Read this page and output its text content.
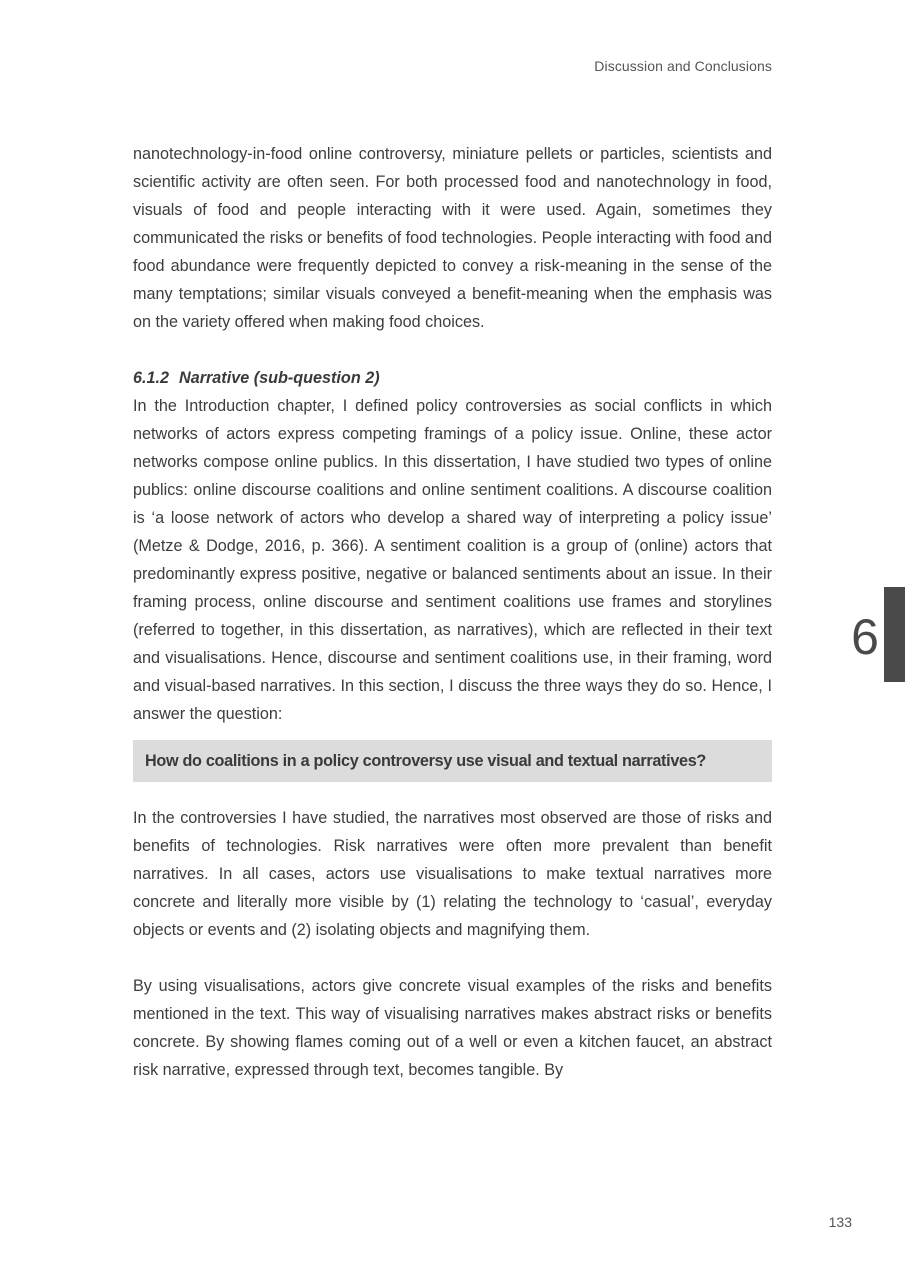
Discussion and Conclusions

nanotechnology-in-food online controversy, miniature pellets or particles, scientists and scientific activity are often seen. For both processed food and nanotechnology in food, visuals of food and people interacting with it were used. Again, sometimes they communicated the risks or benefits of food technologies. People interacting with food and food abundance were frequently depicted to convey a risk-meaning in the sense of the many temptations; similar visuals conveyed a benefit-meaning when the emphasis was on the variety offered when making food choices.

6.1.2 Narrative (sub-question 2)

In the Introduction chapter, I defined policy controversies as social conflicts in which networks of actors express competing framings of a policy issue. Online, these actor networks compose online publics. In this dissertation, I have studied two types of online publics: online discourse coalitions and online sentiment coalitions. A discourse coalition is ‘a loose network of actors who develop a shared way of interpreting a policy issue’ (Metze & Dodge, 2016, p. 366). A sentiment coalition is a group of (online) actors that predominantly express positive, negative or balanced sentiments about an issue. In their framing process, online discourse and sentiment coalitions use frames and storylines (referred to together, in this dissertation, as narratives), which are reflected in their text and visualisations. Hence, discourse and sentiment coalitions use, in their framing, word and visual-based narratives. In this section, I discuss the three ways they do so. Hence, I answer the question:

How do coalitions in a policy controversy use visual and textual narratives?

In the controversies I have studied, the narratives most observed are those of risks and benefits of technologies. Risk narratives were often more prevalent than benefit narratives. In all cases, actors use visualisations to make textual narratives more concrete and literally more visible by (1) relating the technology to ‘casual’, everyday objects or events and (2) isolating objects and magnifying them.

By using visualisations, actors give concrete visual examples of the risks and benefits mentioned in the text. This way of visualising narratives makes abstract risks or benefits concrete. By showing flames coming out of a well or even a kitchen faucet, an abstract risk narrative, expressed through text, becomes tangible. By

6
133
